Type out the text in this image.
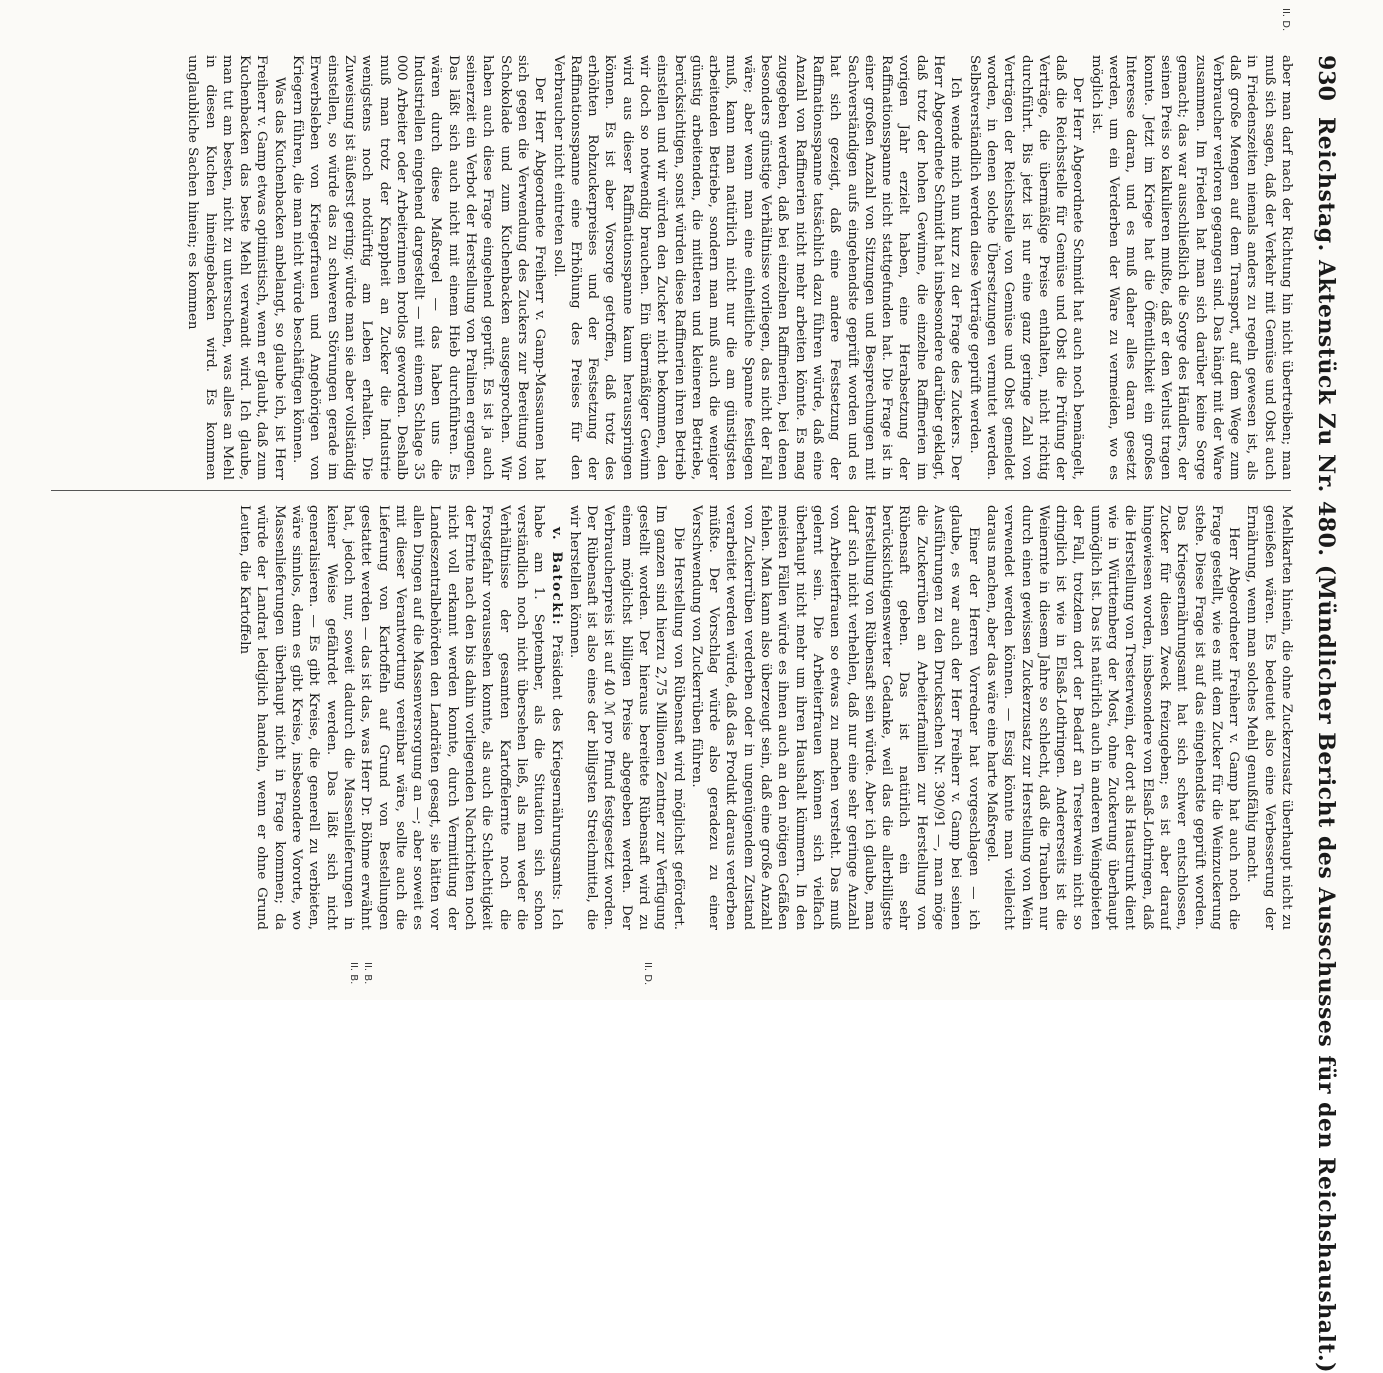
930
Reichstag. Aktenstück Zu Nr. 480. (Mündlicher Bericht des Ausschusses für den Reichshaushalt.)
II. D.
II. D.
II. B.
II. B.

aber man darf nach der Richtung hin nicht übertreiben; man muß sich sagen, daß der Verkehr mit Gemüse und Obst auch in Friedenszeiten niemals anders zu regeln gewesen ist, als daß große Mengen auf dem Transport, auf dem Wege zum Verbraucher verloren gegangen sind. Das hängt mit der Ware zusammen. Im Frieden hat man sich darüber keine Sorge gemacht; das war ausschließlich die Sorge des Händlers, der seinen Preis so kalkulieren mußte, daß er den Verlust tragen konnte. Jetzt im Kriege hat die Öffentlichkeit ein großes Interesse daran, und es muß daher alles daran gesetzt werden, um ein Verderben der Ware zu vermeiden, wo es möglich ist.

Der Herr Abgeordnete Schmidt hat auch noch bemängelt, daß die Reichsstelle für Gemüse und Obst die Prüfung der Verträge, die übermäßige Preise enthalten, nicht richtig durchführt. Bis jetzt ist nur eine ganz geringe Zahl von Verträgen der Reichsstelle von Gemüse und Obst gemeldet worden, in denen solche Übersetzungen vermutet werden. Selbstverständlich werden diese Verträge geprüft werden.

Ich wende mich nun kurz zu der Frage des Zuckers. Der Herr Abgeordnete Schmidt hat insbesondere darüber geklagt, daß trotz der hohen Gewinne, die einzelne Raffinerien im vorigen Jahr erzielt haben, eine Herabsetzung der Raffinationsspanne nicht stattgefunden hat. Die Frage ist in einer großen Anzahl von Sitzungen und Besprechungen mit Sachverständigen aufs eingehendste geprüft worden und es hat sich gezeigt, daß eine andere Festsetzung der Raffinationsspanne tatsächlich dazu führen würde, daß eine Anzahl von Raffinerien nicht mehr arbeiten könnte. Es mag zugegeben werden, daß bei einzelnen Raffinerien, bei denen besonders günstige Verhältnisse vorliegen, das nicht der Fall wäre; aber wenn man eine einheitliche Spanne festlegen muß, kann man natürlich nicht nur die am günstigsten arbeitenden Betriebe, sondern man muß auch die weniger günstig arbeitenden, die mittleren und kleineren Betriebe, berücksichtigen, sonst würden diese Raffinerien ihren Betrieb einstellen und wir würden den Zucker nicht bekommen, den wir doch so notwendig brauchen. Ein übermäßiger Gewinn wird aus dieser Raffinationsspanne kaum herausspringen können. Es ist aber Vorsorge getroffen, daß trotz des erhöhten Rohzuckerpreises und der Festsetzung der Raffinationsspanne eine Erhöhung des Preises für den Verbraucher nicht eintreten soll.

Der Herr Abgeordnete Freiherr v. Gamp-Massaunen hat sich gegen die Verwendung des Zuckers zur Bereitung von Schokolade und zum Kuchenbacken ausgesprochen. Wir haben auch diese Frage eingehend geprüft. Es ist ja auch seinerzeit ein Verbot der Herstellung von Pralinen ergangen. Das läßt sich auch nicht mit einem Hieb durchführen. Es wären durch diese Maßregel — das haben uns die Industriellen eingehend dargestellt — mit einem Schlage 35 000 Arbeiter oder Arbeiterinnen brotlos geworden. Deshalb muß man trotz der Knappheit an Zucker die Industrie wenigstens noch notdürftig am Leben erhalten. Die Zuweisung ist äußerst gering; würde man sie aber vollständig einstellen, so würde das zu schweren Störungen gerade im Erwerbsleben von Kriegerfrauen und Angehörigen von Kriegern führen, die man nicht würde beschäftigen können.

Was das Kuchenbacken anbelangt, so glaube ich, ist Herr Freiherr v. Gamp etwas optimistisch, wenn er glaubt, daß zum Kuchenbacken das beste Mehl verwandt wird. Ich glaube, man tut am besten, nicht zu untersuchen, was alles an Mehl in diesen Kuchen hineingebacken wird. Es kommen unglaubliche Sachen hinein; es kommen

Mehlkarten hinein, die ohne Zuckerzusatz überhaupt nicht zu genießen wären. Es bedeutet also eine Verbesserung der Ernährung, wenn man solches Mehl genußfähig macht.

Herr Abgeordneter Freiherr v. Gamp hat auch noch die Frage gestellt, wie es mit dem Zucker für die Weinzuckerung stehe. Diese Frage ist auf das eingehendste geprüft worden. Das Kriegsernährungsamt hat sich schwer entschlossen, Zucker für diesen Zweck freizugeben; es ist aber darauf hingewiesen worden, insbesondere von Elsaß-Lothringen, daß die Herstellung von Tresterwein, der dort als Haustrunk dient wie in Württemberg der Most, ohne Zuckerung überhaupt unmöglich ist. Das ist natürlich auch in anderen Weingebieten der Fall, trotzdem dort der Bedarf an Tresterwein nicht so dringlich ist wie in Elsaß-Lothringen. Andererseits ist die Weinernte in diesem Jahre so schlecht, daß die Trauben nur durch einen gewissen Zuckerzusatz zur Herstellung von Wein verwendet werden können. — Essig könnte man vielleicht daraus machen, aber das wäre eine harte Maßregel.

Einer der Herren Vorredner hat vorgeschlagen — ich glaube, es war auch der Herr Freiherr v. Gamp bei seinen Ausführungen zu den Drucksachen Nr. 390/91 —, man möge die Zuckerrüben an Arbeiterfamilien zur Herstellung von Rübensaft geben. Das ist natürlich ein sehr berücksichtigenswerter Gedanke, weil das die allerbilligste Herstellung von Rübensaft sein würde. Aber ich glaube, man darf sich nicht verhehlen, daß nur eine sehr geringe Anzahl von Arbeiterfrauen so etwas zu machen versteht. Das muß gelernt sein. Die Arbeiterfrauen können sich vielfach überhaupt nicht mehr um ihren Haushalt kümmern. In den meisten Fällen würde es ihnen auch an den nötigen Gefäßen fehlen. Man kann also überzeugt sein, daß eine große Anzahl von Zuckerrüben verderben oder in ungenügendem Zustand verarbeitet werden würde, daß das Produkt daraus verderben müßte. Der Vorschlag würde also geradezu zu einer Verschwendung von Zuckerrüben führen.

Die Herstellung von Rübensaft wird möglichst gefördert. Im ganzen sind hierzu 2,75 Millionen Zentner zur Verfügung gestellt worden. Der hieraus bereitete Rübensaft wird zu einem möglichst billigen Preise abgegeben werden. Der Verbraucherpreis ist auf 40 ℳ pro Pfund festgesetzt worden. Der Rübensaft ist also eines der billigsten Streichmittel, die wir herstellen können.

v. Batocki: Präsident des Kriegsernährungsamts: Ich habe am 1. September, als die Situation sich schon verständlich noch nicht übersehen ließ, als man weder die Verhältnisse der gesamten Kartoffelernte noch die Frostgefahr voraussehen konnte, als auch die Schlechtigkeit der Ernte nach den bis dahin vorliegenden Nachrichten noch nicht voll erkannt werden konnte, durch Vermittlung der Landeszentralbehörden den Landräten gesagt, sie hätten vor allen Dingen auf die Massenversorgung an —; aber soweit es mit dieser Verantwortung vereinbar wäre, sollte auch die Lieferung von Kartoffeln auf Grund von Bestellungen gestattet werden — das ist das, was Herr Dr. Böhme erwähnt hat, jedoch nur, soweit dadurch die Massenlieferungen in keiner Weise gefährdet werden. Das läßt sich nicht generalisieren. — Es gibt Kreise, die generell zu verbieten, wäre sinnlos, denn es gibt Kreise, insbesondere Vororte, wo Massenlieferungen überhaupt nicht in Frage kommen; da würde der Landrat lediglich handeln, wenn er ohne Grund Leuten, die Kartoffeln
